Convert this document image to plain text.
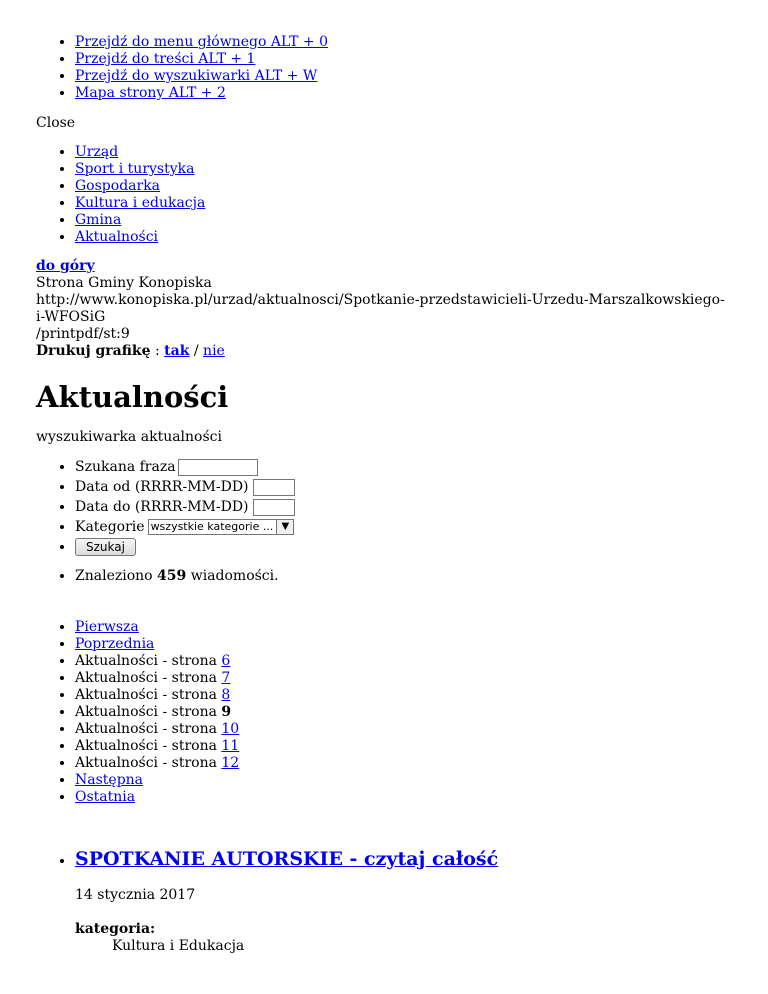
• Przejdź do menu głównego ALT + 0
• Przejdź do treści ALT + 1
• Przejdź do wyszukiwarki ALT + W
• Mapa strony ALT + 2
Close
• Urząd
• Sport i turystyka
• Gospodarka
• Kultura i edukacja
• Gmina
• Aktualności
do góry
Strona Gminy Konopiska
http://www.konopiska.pl/urzad/aktualnosci/Spotkanie-przedstawicieli-Urzedu-Marszalkowskiego-i-WFOSiG
/printpdf/st:9
Drukuj grafikę : tak / nie
Aktualności
wyszukiwarka aktualności
• Szukana fraza
• Data od (RRRR-MM-DD)
• Data do (RRRR-MM-DD)
• Kategorie wszystkie kategorie ... ▼
• Szukaj
• Znaleziono 459 wiadomości.
• Pierwsza
• Poprzednia
• Aktualności - strona 6
• Aktualności - strona 7
• Aktualności - strona 8
• Aktualności - strona 9
• Aktualności - strona 10
• Aktualności - strona 11
• Aktualności - strona 12
• Następna
• Ostatnia
• SPOTKANIE AUTORSKIE - czytaj całość

14 stycznia 2017

kategoria:
Kultura i Edukacja
